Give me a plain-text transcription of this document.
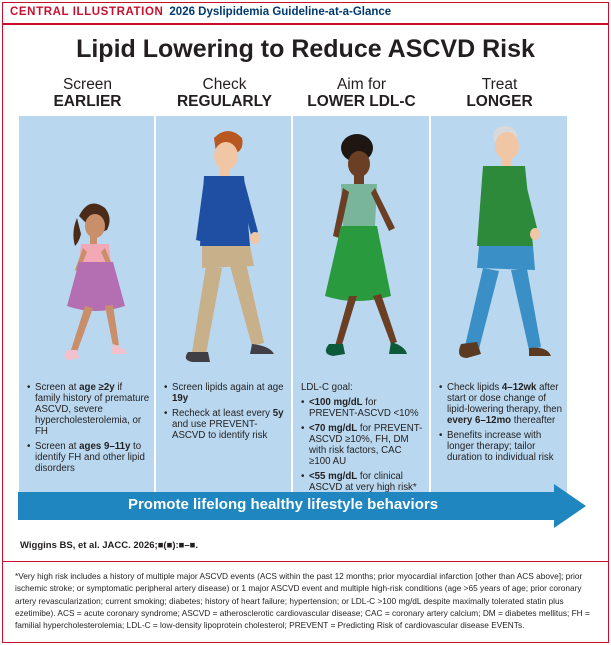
CENTRAL ILLUSTRATION 2026 Dyslipidemia Guideline-at-a-Glance
Lipid Lowering to Reduce ASCVD Risk
Screen
EARLIER
Check
REGULARLY
Aim for
LOWER LDL-C
Treat
LONGER
• Screen at age ≥2y if family history of premature ASCVD, severe hypercholesterolemia, or FH
• Screen at ages 9–11y to identify FH and other lipid disorders
• Screen lipids again at age 19y
• Recheck at least every 5y and use PREVENT-ASCVD to identify risk
LDL-C goal:
• <100 mg/dL for PREVENT-ASCVD <10%
• <70 mg/dL for PREVENT-ASCVD ≥10%, FH, DM with risk factors, CAC ≥100 AU
• <55 mg/dL for clinical ASCVD at very high risk*
• Check lipids 4–12wk after start or dose change of lipid-lowering therapy, then every 6–12mo thereafter
• Benefits increase with longer therapy; tailor duration to individual risk
Promote lifelong healthy lifestyle behaviors
Wiggins BS, et al. JACC. 2026;■(■):■–■.
*Very high risk includes a history of multiple major ASCVD events (ACS within the past 12 months; prior myocardial infarction [other than ACS above]; prior ischemic stroke; or symptomatic peripheral artery disease) or 1 major ASCVD event and multiple high-risk conditions (age >65 years of age; prior coronary artery revascularization; current smoking; diabetes; history of heart failure; hypertension; or LDL-C >100 mg/dL despite maximally tolerated statin plus ezetimibe). ACS = acute coronary syndrome; ASCVD = atherosclerotic cardiovascular disease; CAC = coronary artery calcium; DM = diabetes mellitus; FH = familial hypercholesterolemia; LDL-C = low-density lipoprotein cholesterol; PREVENT = Predicting Risk of cardiovascular disease EVENTs.
